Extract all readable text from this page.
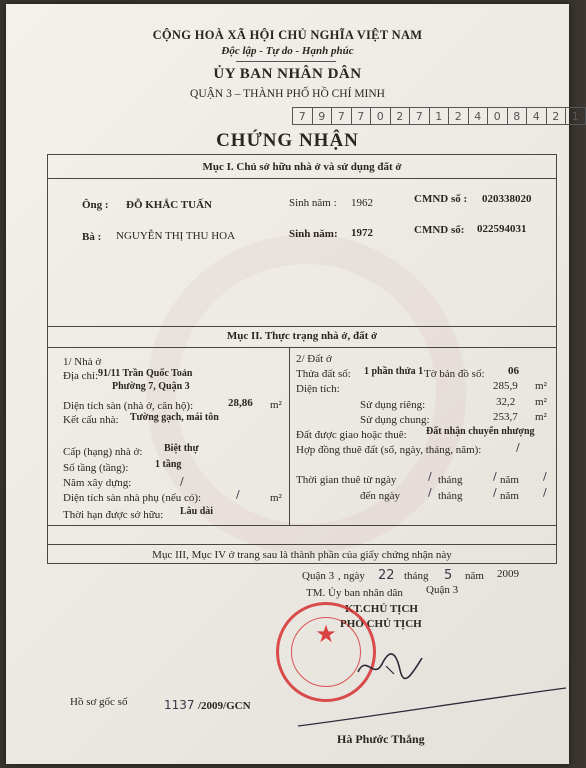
CỘNG HOÀ XÃ HỘI CHỦ NGHĨA VIỆT NAM
Độc lập - Tự do - Hạnh phúc
ỦY BAN NHÂN DÂN
QUẬN 3 – THÀNH PHỐ HỒ CHÍ MINH
7	9	7	7	0	2	7	1	2	4	0	8	4	2	1
CHỨNG NHẬN
Mục I. Chủ sở hữu nhà ở và sử dụng đất ở
Ông : ĐỖ KHẮC TUẤN	Sinh năm : 1962	CMND số : 020338020
Bà : NGUYỄN THỊ THU HOA	Sinh năm: 1972	CMND số: 022594031
Mục II. Thực trạng nhà ở, đất ở
1/ Nhà ở
Địa chỉ: 91/11 Trần Quốc Toản
Phường 7, Quận 3
Diện tích sàn (nhà ở, căn hộ):	28,86 m²
Kết cấu nhà: Tường gạch, mái tôn
Cấp (hạng) nhà ở: Biệt thự
Số tầng (tầng):	1 tầng
Năm xây dựng:	/
Diện tích sàn nhà phụ (nếu có):	/	m²
Thời hạn được sở hữu: Lâu dài
2/ Đất ở
Thửa đất số: 1 phần thửa 1 Tờ bản đồ số: 06
Diện tích:	285,9 m²
Sử dụng riêng:	32,2 m²
Sử dụng chung:	253,7 m²
Đất được giao hoặc thuê: Đất nhận chuyển nhượng
Hợp đồng thuê đất (số, ngày, tháng, năm):	/
Thời gian thuê từ ngày	/ tháng	/ năm /
đến ngày	/ tháng	/ năm /
Mục III, Mục IV ở trang sau là thành phần của giấy chứng nhận này
Quận 3 , ngày 22 tháng 5 năm 2009
TM. Ủy ban nhân dân Quận 3
KT.CHỦ TỊCH
PHÓ CHỦ TỊCH
★
Hà Phước Thắng
Hồ sơ gốc số	1137 /2009/GCN
